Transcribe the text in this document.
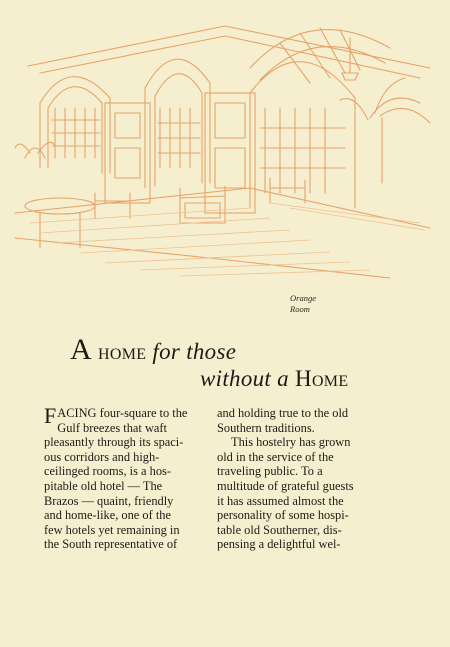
Orange
Room
A home for those
without a Home
F ACING four-square to the
Gulf breezes that waft
pleasantly through its spaci-
ous corridors and high-
ceilinged rooms, is a hos-
pitable old hotel — The
Brazos — quaint, friendly
and home-like, one of the
few hotels yet remaining in
the South representative of
and holding true to the old
Southern traditions.
This hostelry has grown
old in the service of the
traveling public. To a
multitude of grateful guests
it has assumed almost the
personality of some hospi-
table old Southerner, dis-
pensing a delightful wel-
